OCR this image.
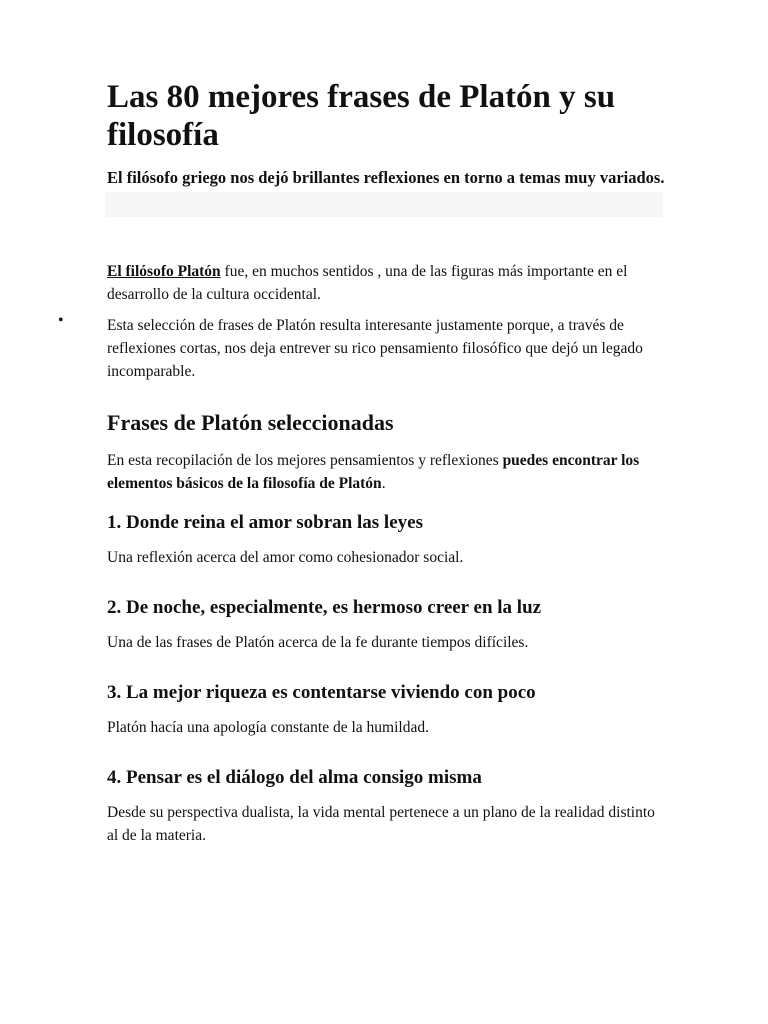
Las 80 mejores frases de Platón y su filosofía
El filósofo griego nos dejó brillantes reflexiones en torno a temas muy variados.
•

El filósofo Platón fue, en muchos sentidos , una de las figuras más importante en el desarrollo de la cultura occidental.

Esta selección de frases de Platón resulta interesante justamente porque, a través de reflexiones cortas, nos deja entrever su rico pensamiento filosófico que dejó un legado incomparable.

Frases de Platón seleccionadas

En esta recopilación de los mejores pensamientos y reflexiones puedes encontrar los elementos básicos de la filosofía de Platón.

1. Donde reina el amor sobran las leyes

Una reflexión acerca del amor como cohesionador social.

2. De noche, especialmente, es hermoso creer en la luz

Una de las frases de Platón acerca de la fe durante tiempos difíciles.

3. La mejor riqueza es contentarse viviendo con poco

Platón hacía una apología constante de la humildad.

4. Pensar es el diálogo del alma consigo misma

Desde su perspectiva dualista, la vida mental pertenece a un plano de la realidad distinto al de la materia.
